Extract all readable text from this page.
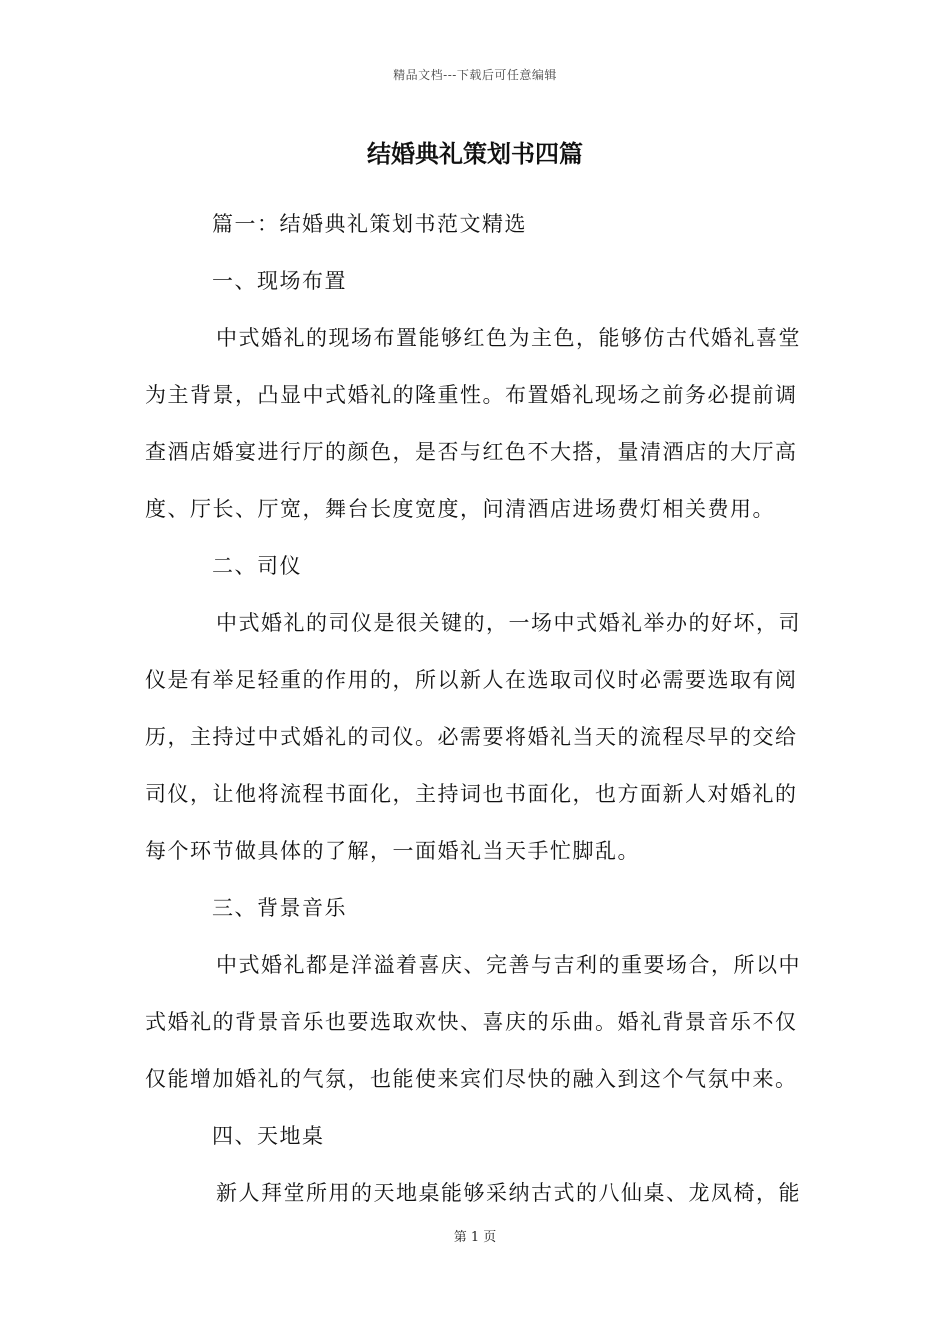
精品文档---下载后可任意编辑
结婚典礼策划书四篇
篇一：结婚典礼策划书范文精选
一、现场布置
中式婚礼的现场布置能够红色为主色，能够仿古代婚礼喜堂
为主背景，凸显中式婚礼的隆重性。布置婚礼现场之前务必提前调
查酒店婚宴进行厅的颜色，是否与红色不大搭，量清酒店的大厅高
度、厅长、厅宽，舞台长度宽度，问清酒店进场费灯相关费用。
二、司仪
中式婚礼的司仪是很关键的，一场中式婚礼举办的好坏，司
仪是有举足轻重的作用的，所以新人在选取司仪时必需要选取有阅
历，主持过中式婚礼的司仪。必需要将婚礼当天的流程尽早的交给
司仪，让他将流程书面化，主持词也书面化，也方面新人对婚礼的
每个环节做具体的了解，一面婚礼当天手忙脚乱。
三、背景音乐
中式婚礼都是洋溢着喜庆、完善与吉利的重要场合，所以中
式婚礼的背景音乐也要选取欢快、喜庆的乐曲。婚礼背景音乐不仅
仅能增加婚礼的气氛，也能使来宾们尽快的融入到这个气氛中来。
四、天地桌
新人拜堂所用的天地桌能够采纳古式的八仙桌、龙凤椅，能
第 1 页
